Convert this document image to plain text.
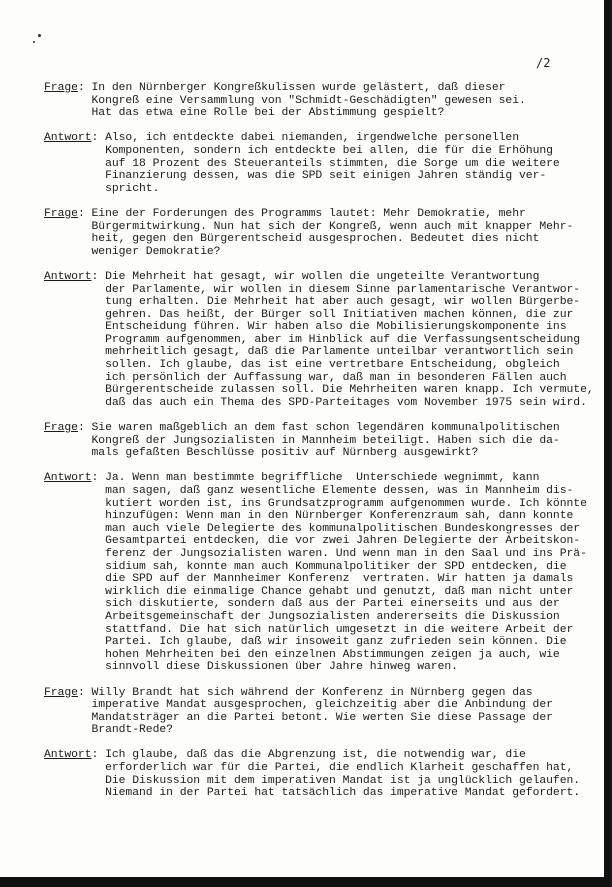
/2
Frage: In den Nürnberger Kongreßkulissen wurde gelästert, daß dieser
Kongreß eine Versammlung von "Schmidt-Geschädigten" gewesen sei.
Hat das etwa eine Rolle bei der Abstimmung gespielt?
Antwort: Also, ich entdeckte dabei niemanden, irgendwelche personellen
Komponenten, sondern ich entdeckte bei allen, die für die Erhöhung
auf 18 Prozent des Steueranteils stimmten, die Sorge um die weitere
Finanzierung dessen, was die SPD seit einigen Jahren ständig ver-
spricht.
Frage: Eine der Forderungen des Programms lautet: Mehr Demokratie, mehr
Bürgermitwirkung. Nun hat sich der Kongreß, wenn auch mit knapper Mehr-
heit, gegen den Bürgerentscheid ausgesprochen. Bedeutet dies nicht
weniger Demokratie?
Antwort: Die Mehrheit hat gesagt, wir wollen die ungeteilte Verantwortung
der Parlamente, wir wollen in diesem Sinne parlamentarische Verantwor-
tung erhalten. Die Mehrheit hat aber auch gesagt, wir wollen Bürgerbe-
gehren. Das heißt, der Bürger soll Initiativen machen können, die zur
Entscheidung führen. Wir haben also die Mobilisierungskomponente ins
Programm aufgenommen, aber im Hinblick auf die Verfassungsentscheidung
mehrheitlich gesagt, daß die Parlamente unteilbar verantwortlich sein
sollen. Ich glaube, das ist eine vertretbare Entscheidung, obgleich
ich persönlich der Auffassung war, daß man in besonderen Fällen auch
Bürgerentscheide zulassen soll. Die Mehrheiten waren knapp. Ich vermute,
daß das auch ein Thema des SPD-Parteitages vom November 1975 sein wird.
Frage: Sie waren maßgeblich an dem fast schon legendären kommunalpolitischen
Kongreß der Jungsozialisten in Mannheim beteiligt. Haben sich die da-
mals gefaßten Beschlüsse positiv auf Nürnberg ausgewirkt?
Antwort: Ja. Wenn man bestimmte begriffliche  Unterschiede wegnimmt, kann
man sagen, daß ganz wesentliche Elemente dessen, was in Mannheim dis-
kutiert worden ist, ins Grundsatzprogramm aufgenommen wurde. Ich könnte
hinzufügen: Wenn man in den Nürnberger Konferenzraum sah, dann konnte
man auch viele Delegierte des kommunalpolitischen Bundeskongresses der
Gesamtpartei entdecken, die vor zwei Jahren Delegierte der Arbeitskon-
ferenz der Jungsozialisten waren. Und wenn man in den Saal und ins Prä-
sidium sah, konnte man auch Kommunalpolitiker der SPD entdecken, die
die SPD auf der Mannheimer Konferenz  vertraten. Wir hatten ja damals
wirklich die einmalige Chance gehabt und genutzt, daß man nicht unter
sich diskutierte, sondern daß aus der Partei einerseits und aus der
Arbeitsgemeinschaft der Jungsozialisten andererseits die Diskussion
stattfand. Die hat sich natürlich umgesetzt in die weitere Arbeit der
Partei. Ich glaube, daß wir insoweit ganz zufrieden sein können. Die
hohen Mehrheiten bei den einzelnen Abstimmungen zeigen ja auch, wie
sinnvoll diese Diskussionen über Jahre hinweg waren.
Frage: Willy Brandt hat sich während der Konferenz in Nürnberg gegen das
imperative Mandat ausgesprochen, gleichzeitig aber die Anbindung der
Mandatsträger an die Partei betont. Wie werten Sie diese Passage der
Brandt-Rede?
Antwort: Ich glaube, daß das die Abgrenzung ist, die notwendig war, die
erforderlich war für die Partei, die endlich Klarheit geschaffen hat,
Die Diskussion mit dem imperativen Mandat ist ja unglücklich gelaufen.
Niemand in der Partei hat tatsächlich das imperative Mandat gefordert.
